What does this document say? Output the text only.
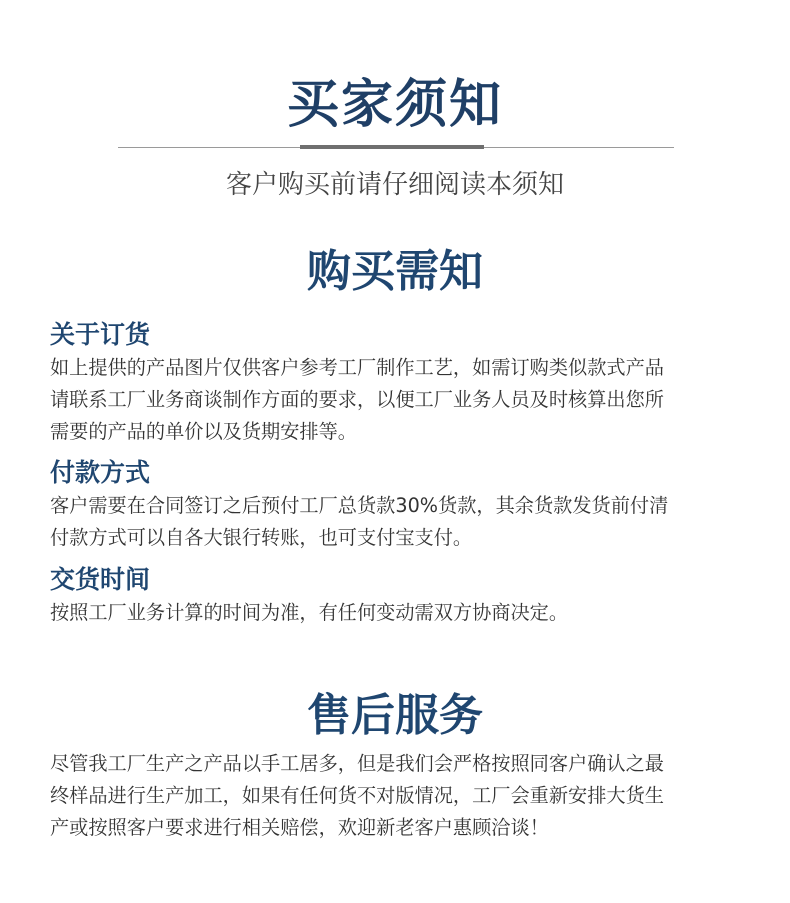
买家须知
客户购买前请仔细阅读本须知
购买需知
关于订货
如上提供的产品图片仅供客户参考工厂制作工艺，如需订购类似款式产品
请联系工厂业务商谈制作方面的要求，以便工厂业务人员及时核算出您所
需要的产品的单价以及货期安排等。
付款方式
客户需要在合同签订之后预付工厂总货款30%货款，其余货款发货前付清
付款方式可以自各大银行转账，也可支付宝支付。
交货时间
按照工厂业务计算的时间为准，有任何变动需双方协商决定。
售后服务
尽管我工厂生产之产品以手工居多，但是我们会严格按照同客户确认之最
终样品进行生产加工，如果有任何货不对版情况，工厂会重新安排大货生
产或按照客户要求进行相关赔偿，欢迎新老客户惠顾洽谈！
